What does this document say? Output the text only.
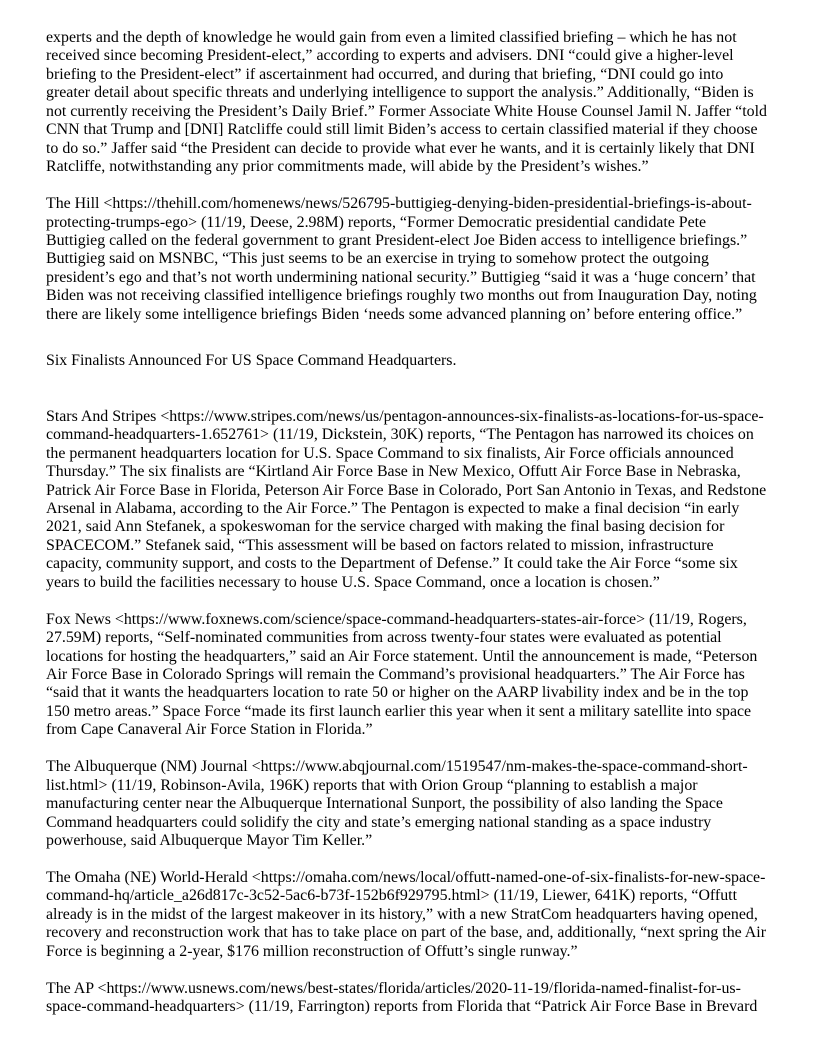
experts and the depth of knowledge he would gain from even a limited classified briefing – which he has not
received since becoming President-elect,” according to experts and advisers. DNI “could give a higher-level
briefing to the President-elect” if ascertainment had occurred, and during that briefing, “DNI could go into
greater detail about specific threats and underlying intelligence to support the analysis.” Additionally, “Biden is
not currently receiving the President’s Daily Brief.” Former Associate White House Counsel Jamil N. Jaffer “told
CNN that Trump and [DNI] Ratcliffe could still limit Biden’s access to certain classified material if they choose
to do so.” Jaffer said “the President can decide to provide what ever he wants, and it is certainly likely that DNI
Ratcliffe, notwithstanding any prior commitments made, will abide by the President’s wishes.”

The Hill <https://thehill.com/homenews/news/526795-buttigieg-denying-biden-presidential-briefings-is-about-
protecting-trumps-ego> (11/19, Deese, 2.98M) reports, “Former Democratic presidential candidate Pete
Buttigieg called on the federal government to grant President-elect Joe Biden access to intelligence briefings.”
Buttigieg said on MSNBC, “This just seems to be an exercise in trying to somehow protect the outgoing
president’s ego and that’s not worth undermining national security.” Buttigieg “said it was a ‘huge concern’ that
Biden was not receiving classified intelligence briefings roughly two months out from Inauguration Day, noting
there are likely some intelligence briefings Biden ‘needs some advanced planning on’ before entering office.”

Six Finalists Announced For US Space Command Headquarters.

Stars And Stripes <https://www.stripes.com/news/us/pentagon-announces-six-finalists-as-locations-for-us-space-
command-headquarters-1.652761> (11/19, Dickstein, 30K) reports, “The Pentagon has narrowed its choices on
the permanent headquarters location for U.S. Space Command to six finalists, Air Force officials announced
Thursday.” The six finalists are “Kirtland Air Force Base in New Mexico, Offutt Air Force Base in Nebraska,
Patrick Air Force Base in Florida, Peterson Air Force Base in Colorado, Port San Antonio in Texas, and Redstone
Arsenal in Alabama, according to the Air Force.” The Pentagon is expected to make a final decision “in early
2021, said Ann Stefanek, a spokeswoman for the service charged with making the final basing decision for
SPACECOM.” Stefanek said, “This assessment will be based on factors related to mission, infrastructure
capacity, community support, and costs to the Department of Defense.” It could take the Air Force “some six
years to build the facilities necessary to house U.S. Space Command, once a location is chosen.”

Fox News <https://www.foxnews.com/science/space-command-headquarters-states-air-force> (11/19, Rogers,
27.59M) reports, “Self-nominated communities from across twenty-four states were evaluated as potential
locations for hosting the headquarters,” said an Air Force statement. Until the announcement is made, “Peterson
Air Force Base in Colorado Springs will remain the Command’s provisional headquarters.” The Air Force has
“said that it wants the headquarters location to rate 50 or higher on the AARP livability index and be in the top
150 metro areas.” Space Force “made its first launch earlier this year when it sent a military satellite into space
from Cape Canaveral Air Force Station in Florida.”

The Albuquerque (NM) Journal <https://www.abqjournal.com/1519547/nm-makes-the-space-command-short-
list.html> (11/19, Robinson-Avila, 196K) reports that with Orion Group “planning to establish a major
manufacturing center near the Albuquerque International Sunport, the possibility of also landing the Space
Command headquarters could solidify the city and state’s emerging national standing as a space industry
powerhouse, said Albuquerque Mayor Tim Keller.”

The Omaha (NE) World-Herald <https://omaha.com/news/local/offutt-named-one-of-six-finalists-for-new-space-
command-hq/article_a26d817c-3c52-5ac6-b73f-152b6f929795.html> (11/19, Liewer, 641K) reports, “Offutt
already is in the midst of the largest makeover in its history,” with a new StratCom headquarters having opened,
recovery and reconstruction work that has to take place on part of the base, and, additionally, “next spring the Air
Force is beginning a 2-year, $176 million reconstruction of Offutt’s single runway.”

The AP <https://www.usnews.com/news/best-states/florida/articles/2020-11-19/florida-named-finalist-for-us-
space-command-headquarters> (11/19, Farrington) reports from Florida that “Patrick Air Force Base in Brevard
